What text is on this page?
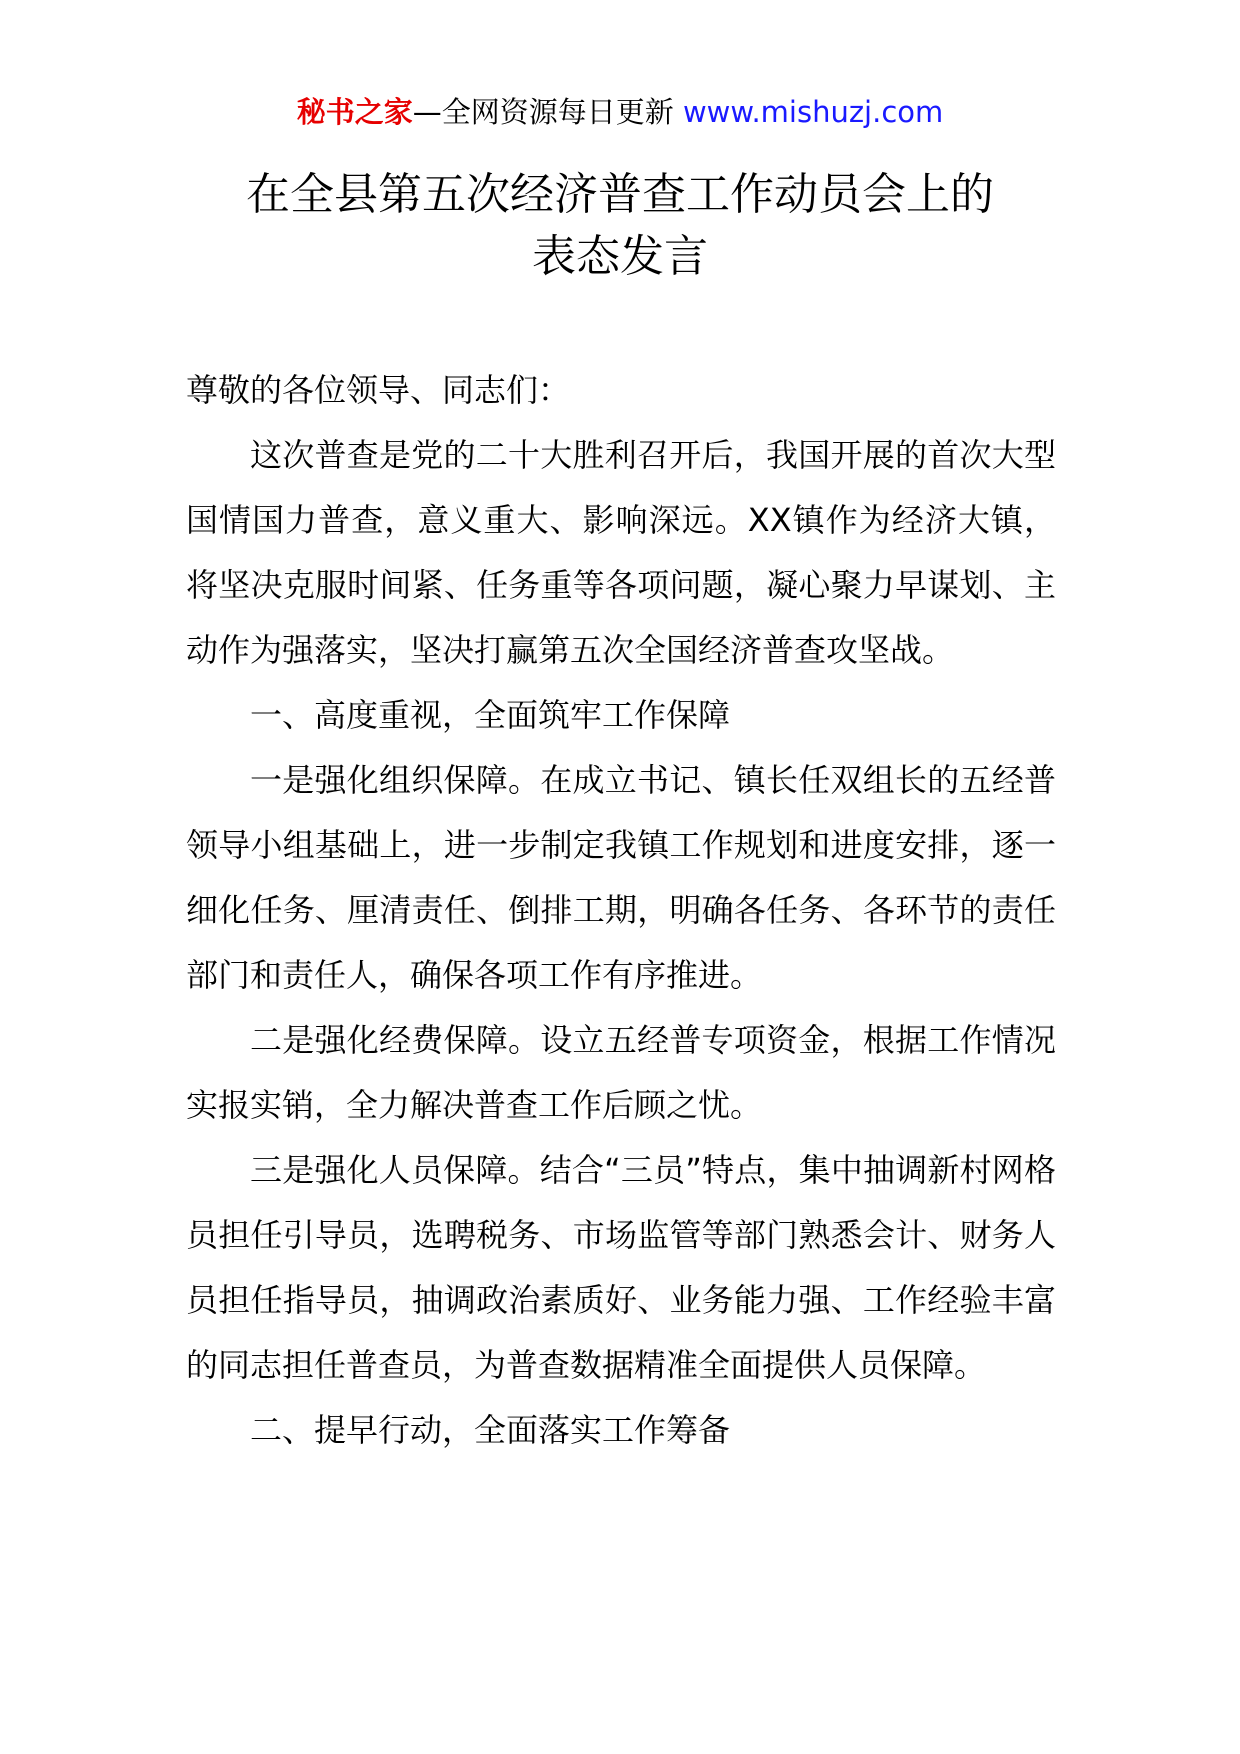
秘书之家—全网资源每日更新 www.mishuzj.com
在全县第五次经济普查工作动员会上的
表态发言

尊敬的各位领导、同志们：

这次普查是党的二十大胜利召开后，我国开展的首次大型国情国力普查，意义重大、影响深远。XX镇作为经济大镇，将坚决克服时间紧、任务重等各项问题，凝心聚力早谋划、主动作为强落实，坚决打赢第五次全国经济普查攻坚战。

一、高度重视，全面筑牢工作保障

一是强化组织保障。在成立书记、镇长任双组长的五经普领导小组基础上，进一步制定我镇工作规划和进度安排，逐一细化任务、厘清责任、倒排工期，明确各任务、各环节的责任部门和责任人，确保各项工作有序推进。

二是强化经费保障。设立五经普专项资金，根据工作情况实报实销，全力解决普查工作后顾之忧。

三是强化人员保障。结合“三员”特点，集中抽调新村网格员担任引导员，选聘税务、市场监管等部门熟悉会计、财务人员担任指导员，抽调政治素质好、业务能力强、工作经验丰富的同志担任普查员，为普查数据精准全面提供人员保障。

二、提早行动，全面落实工作筹备
